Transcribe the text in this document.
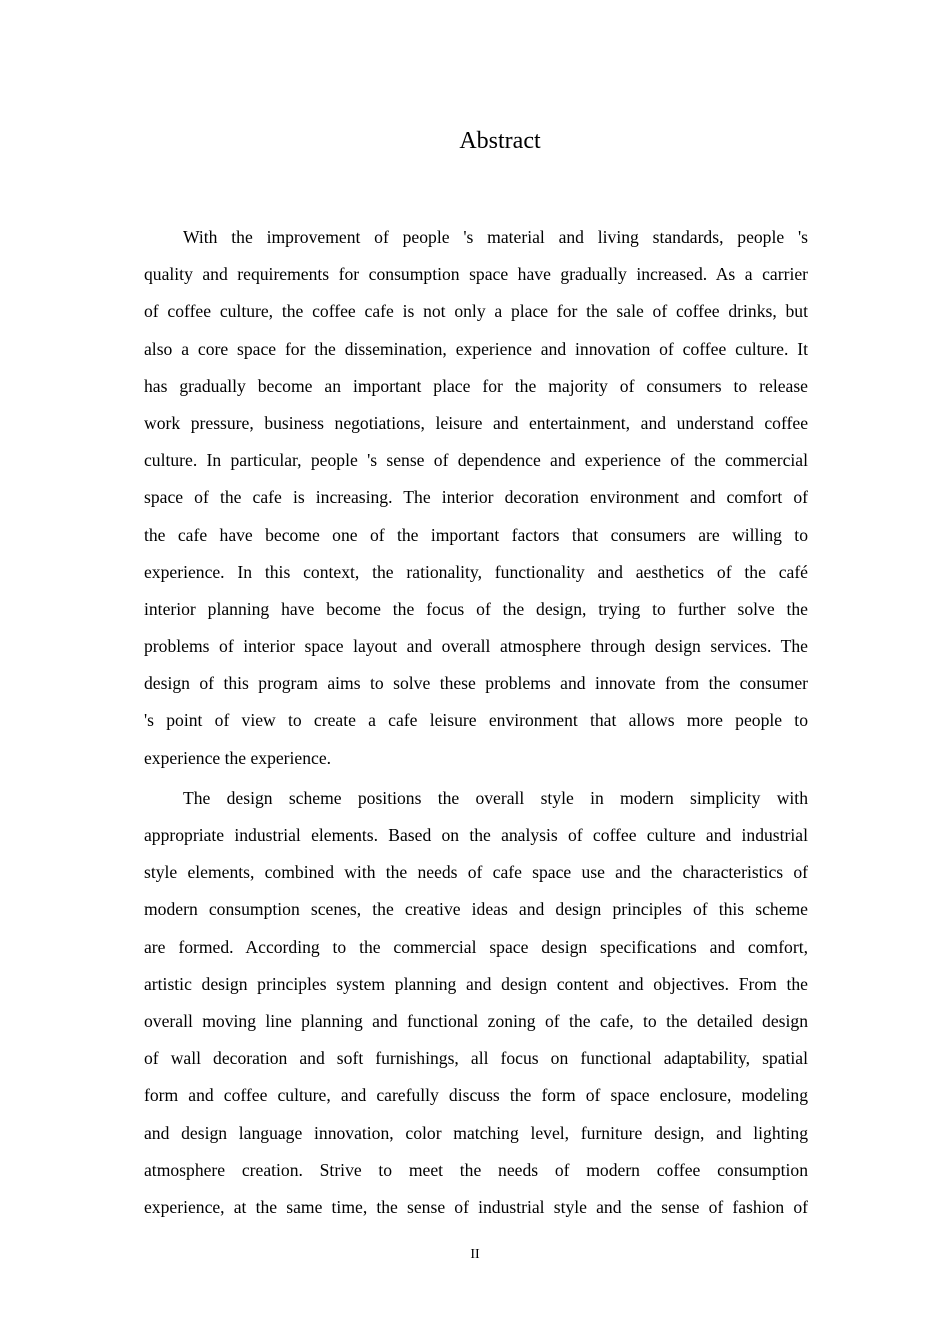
Abstract
With the improvement of people 's material and living standards, people 's
quality and requirements for consumption space have gradually increased. As a carrier
of coffee culture, the coffee cafe is not only a place for the sale of coffee drinks, but
also a core space for the dissemination, experience and innovation of coffee culture. It
has gradually become an important place for the majority of consumers to release
work pressure, business negotiations, leisure and entertainment, and understand coffee
culture. In particular, people 's sense of dependence and experience of the commercial
space of the cafe is increasing. The interior decoration environment and comfort of
the cafe have become one of the important factors that consumers are willing to
experience. In this context, the rationality, functionality and aesthetics of the café
interior planning have become the focus of the design, trying to further solve the
problems of interior space layout and overall atmosphere through design services. The
design of this program aims to solve these problems and innovate from the consumer
's point of view to create a cafe leisure environment that allows more people to
experience the experience.
The design scheme positions the overall style in modern simplicity with
appropriate industrial elements. Based on the analysis of coffee culture and industrial
style elements, combined with the needs of cafe space use and the characteristics of
modern consumption scenes, the creative ideas and design principles of this scheme
are formed. According to the commercial space design specifications and comfort,
artistic design principles system planning and design content and objectives. From the
overall moving line planning and functional zoning of the cafe, to the detailed design
of wall decoration and soft furnishings, all focus on functional adaptability, spatial
form and coffee culture, and carefully discuss the form of space enclosure, modeling
and design language innovation, color matching level, furniture design, and lighting
atmosphere creation. Strive to meet the needs of modern coffee consumption
experience, at the same time, the sense of industrial style and the sense of fashion of
II
